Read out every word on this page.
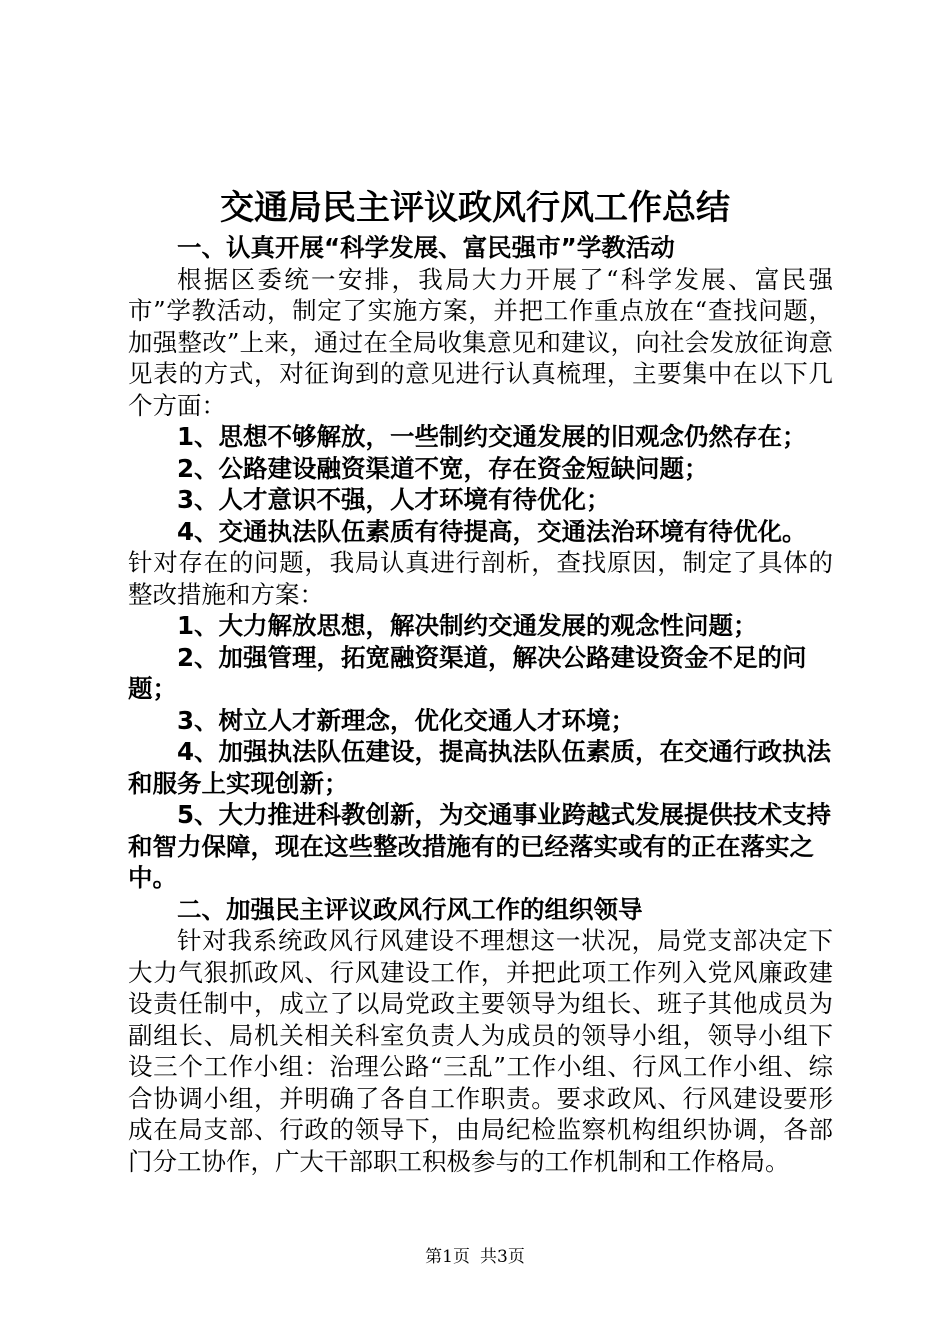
交通局民主评议政风行风工作总结

一、认真开展“科学发展、富民强市”学教活动

根据区委统一安排，我局大力开展了“科学发展、富民强市”学教活动，制定了实施方案，并把工作重点放在“查找问题，加强整改”上来，通过在全局收集意见和建议，向社会发放征询意见表的方式，对征询到的意见进行认真梳理，主要集中在以下几个方面：

1、思想不够解放，一些制约交通发展的旧观念仍然存在；

2、公路建设融资渠道不宽，存在资金短缺问题；

3、人才意识不强，人才环境有待优化；

4、交通执法队伍素质有待提高，交通法治环境有待优化。

针对存在的问题，我局认真进行剖析，查找原因，制定了具体的整改措施和方案：

1、大力解放思想，解决制约交通发展的观念性问题；

2、加强管理，拓宽融资渠道，解决公路建设资金不足的问题；

3、树立人才新理念，优化交通人才环境；

4、加强执法队伍建设，提高执法队伍素质，在交通行政执法和服务上实现创新；

5、大力推进科教创新，为交通事业跨越式发展提供技术支持和智力保障，现在这些整改措施有的已经落实或有的正在落实之中。

二、加强民主评议政风行风工作的组织领导

针对我系统政风行风建设不理想这一状况，局党支部决定下大力气狠抓政风、行风建设工作，并把此项工作列入党风廉政建设责任制中，成立了以局党政主要领导为组长、班子其他成员为副组长、局机关相关科室负责人为成员的领导小组，领导小组下设三个工作小组：治理公路“三乱”工作小组、行风工作小组、综合协调小组，并明确了各自工作职责。要求政风、行风建设要形成在局支部、行政的领导下，由局纪检监察机构组织协调，各部门分工协作，广大干部职工积极参与的工作机制和工作格局。

第1页 共3页
